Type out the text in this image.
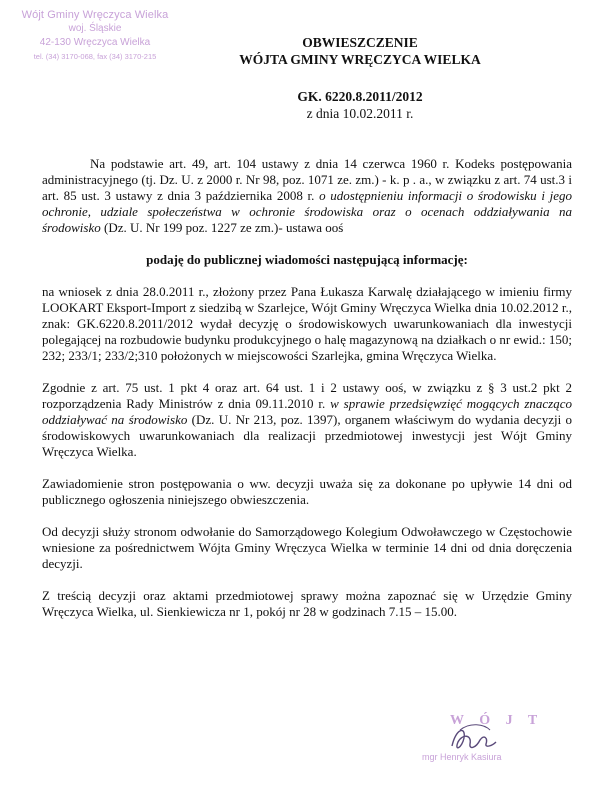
Wójt Gminy Wręczyca Wielka
woj. Śląskie
42-130 Wręczyca Wielka
tel. (34) 3170-068, fax (34) 3170-215
OBWIESZCZENIE
WÓJTA GMINY WRĘCZYCA WIELKA
GK. 6220.8.2011/2012
z dnia 10.02.2011 r.

Na podstawie art. 49, art. 104 ustawy z dnia 14 czerwca 1960 r. Kodeks postępowania administracyjnego (tj. Dz. U. z 2000 r. Nr 98, poz. 1071 ze. zm.) - k. p . a., w związku z art. 74 ust.3 i art. 85 ust. 3 ustawy z dnia 3 października 2008 r. o udostępnieniu informacji o środowisku i jego ochronie, udziale społeczeństwa w ochronie środowiska oraz o ocenach oddziaływania na środowisko (Dz. U. Nr 199 poz. 1227 ze zm.)- ustawa ooś

podaję do publicznej wiadomości następującą informację:

na wniosek z dnia 28.0.2011 r., złożony przez Pana Łukasza Karwalę działającego w imieniu firmy LOOKART Eksport-Import z siedzibą w Szarlejce, Wójt Gminy Wręczyca Wielka dnia 10.02.2012 r., znak: GK.6220.8.2011/2012 wydał decyzję o środowiskowych uwarunkowaniach dla inwestycji polegającej na rozbudowie budynku produkcyjnego o halę magazynową na działkach o nr ewid.: 150; 232; 233/1; 233/2;310 położonych w miejscowości Szarlejka, gmina Wręczyca Wielka.

Zgodnie z art. 75 ust. 1 pkt 4 oraz art. 64 ust. 1 i 2 ustawy ooś, w związku z § 3 ust.2 pkt 2 rozporządzenia Rady Ministrów z dnia 09.11.2010 r. w sprawie przedsięwzięć mogących znacząco oddziaływać na środowisko (Dz. U. Nr 213, poz. 1397), organem właściwym do wydania decyzji o środowiskowych uwarunkowaniach dla realizacji przedmiotowej inwestycji jest Wójt Gminy Wręczyca Wielka.

Zawiadomienie stron postępowania o ww. decyzji uważa się za dokonane po upływie 14 dni od publicznego ogłoszenia niniejszego obwieszczenia.

Od decyzji służy stronom odwołanie do Samorządowego Kolegium Odwoławczego w Częstochowie wniesione za pośrednictwem Wójta Gminy Wręczyca Wielka w terminie 14 dni od dnia doręczenia decyzji.

Z treścią decyzji oraz aktami przedmiotowej sprawy można zapoznać się w Urzędzie Gminy Wręczyca Wielka, ul. Sienkiewicza nr 1, pokój nr 28 w godzinach 7.15 – 15.00.

W Ó J T
mgr Henryk Kasiura
